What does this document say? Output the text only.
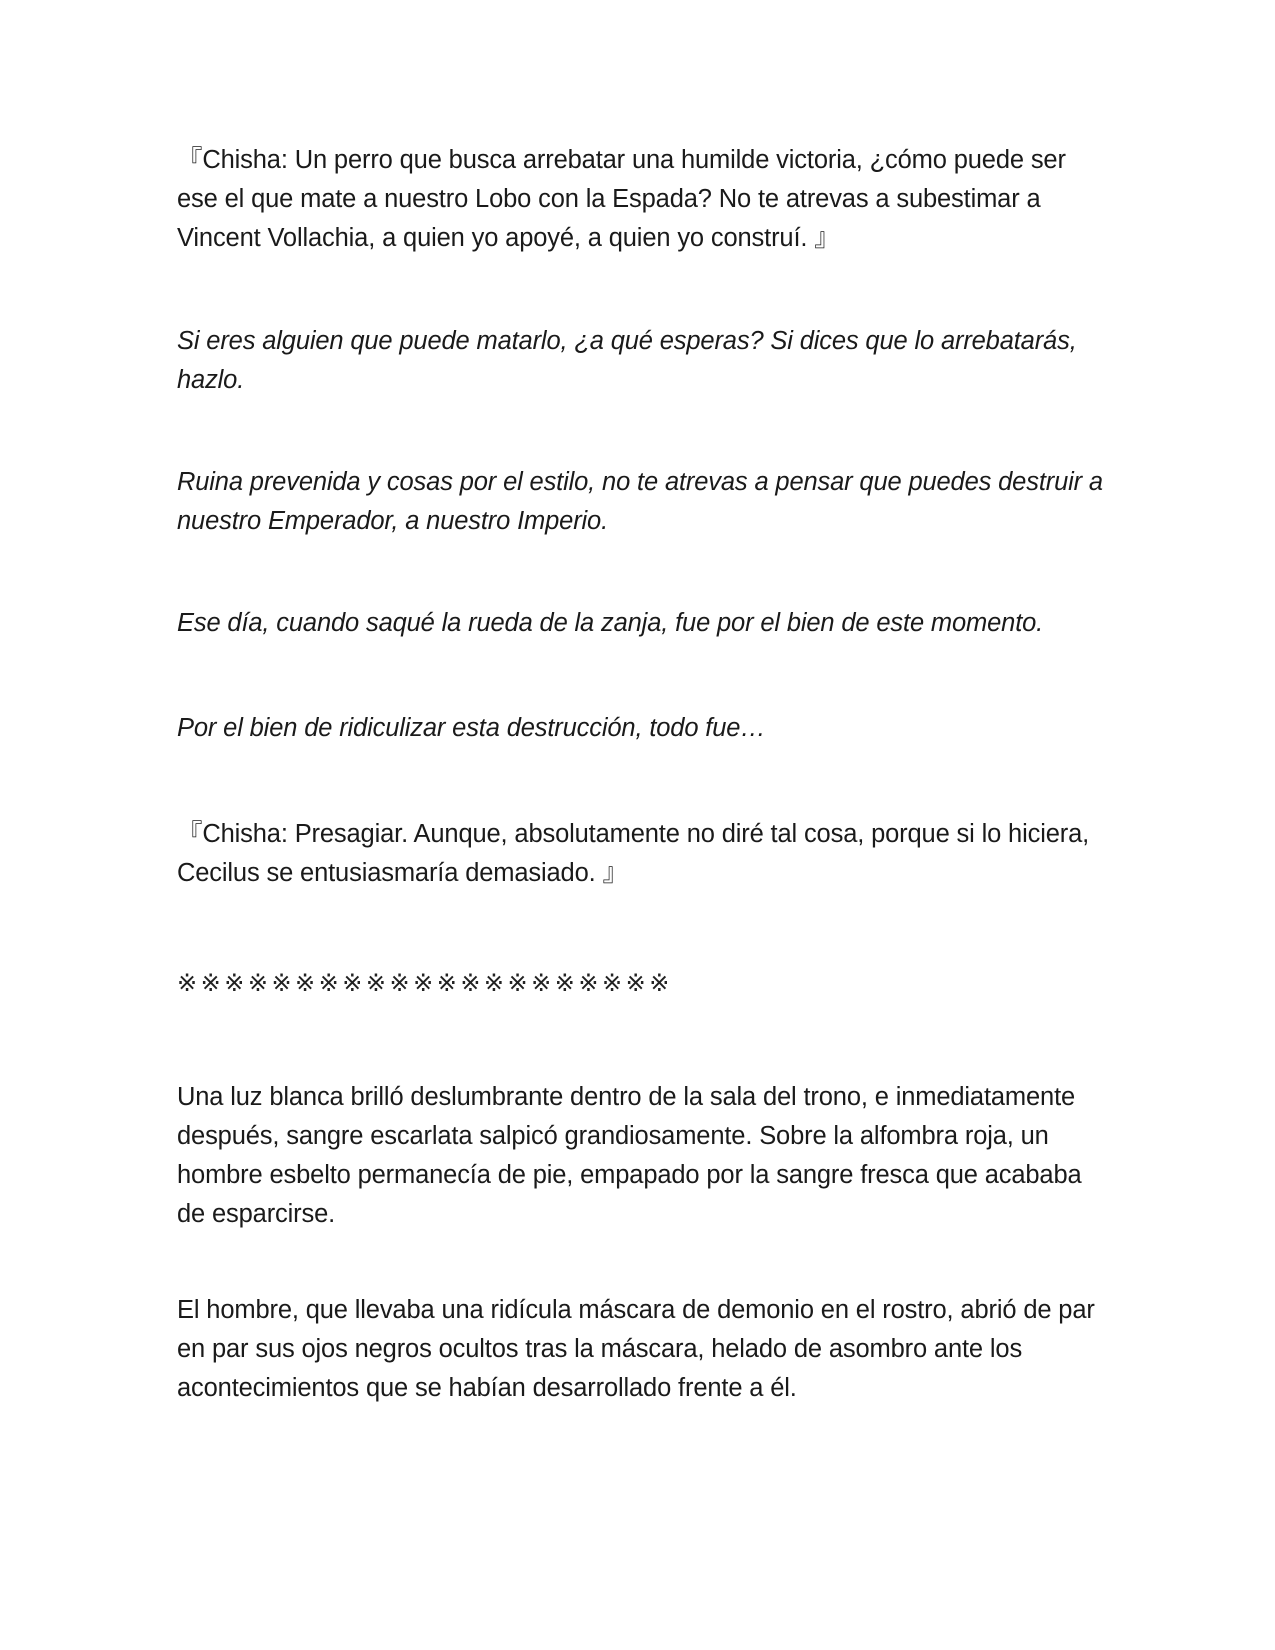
『Chisha: Un perro que busca arrebatar una humilde victoria, ¿cómo puede ser ese el que mate a nuestro Lobo con la Espada? No te atrevas a subestimar a Vincent Vollachia, a quien yo apoyé, a quien yo construí. 』

Si eres alguien que puede matarlo, ¿a qué esperas? Si dices que lo arrebatarás, hazlo.

Ruina prevenida y cosas por el estilo, no te atrevas a pensar que puedes destruir a nuestro Emperador, a nuestro Imperio.

Ese día, cuando saqué la rueda de la zanja, fue por el bien de este momento.

Por el bien de ridiculizar esta destrucción, todo fue…

『Chisha: Presagiar. Aunque, absolutamente no diré tal cosa, porque si lo hiciera, Cecilus se entusiasmaría demasiado. 』

※※※※※※※※※※※※※※※※※※※※※

Una luz blanca brilló deslumbrante dentro de la sala del trono, e inmediatamente después, sangre escarlata salpicó grandiosamente. Sobre la alfombra roja, un hombre esbelto permanecía de pie, empapado por la sangre fresca que acababa de esparcirse.

El hombre, que llevaba una ridícula máscara de demonio en el rostro, abrió de par en par sus ojos negros ocultos tras la máscara, helado de asombro ante los acontecimientos que se habían desarrollado frente a él.
